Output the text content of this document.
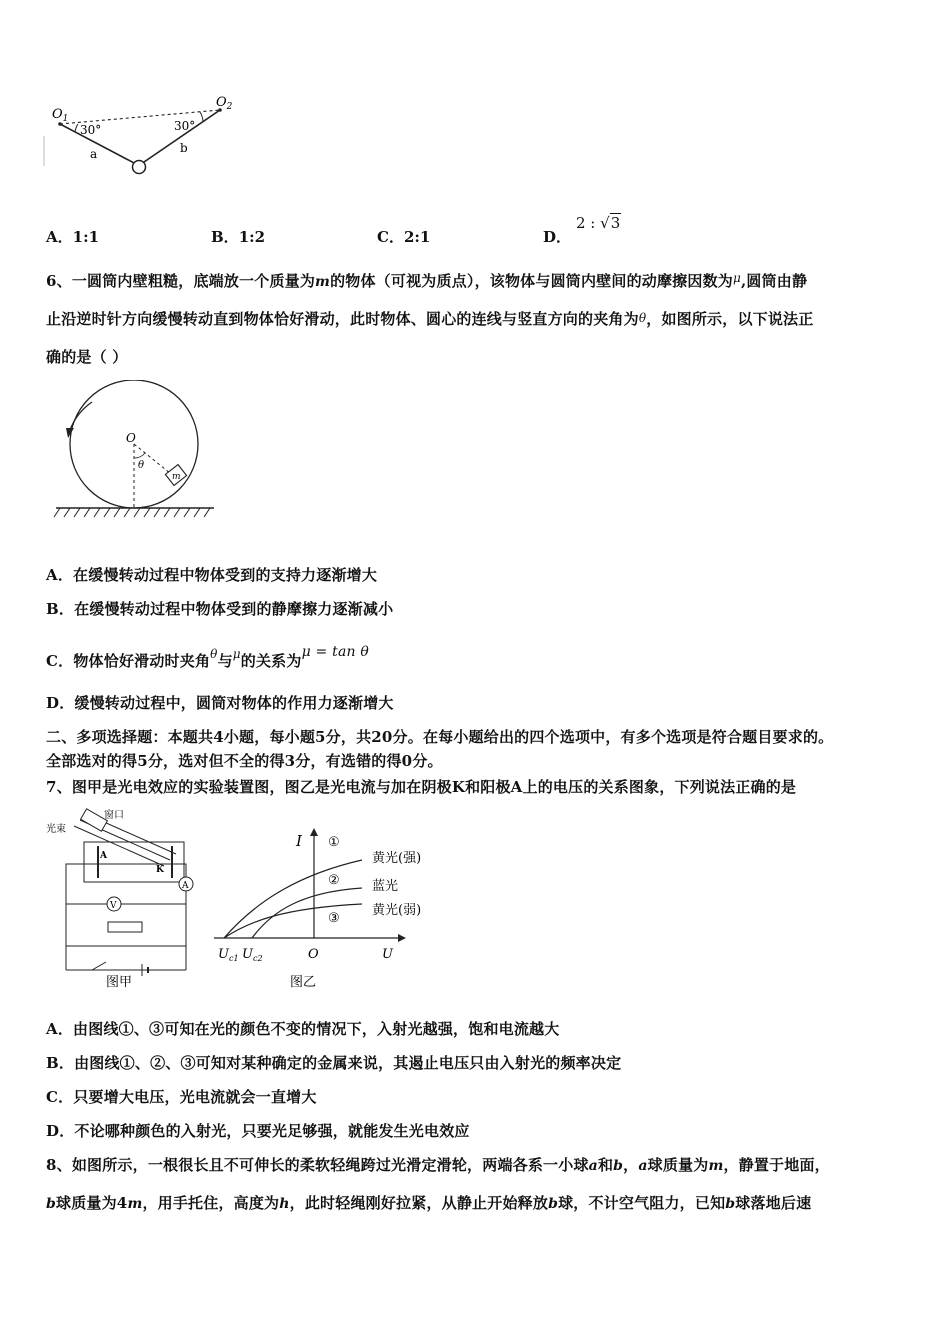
$O_1$
$O_2$
30°	30°
a	b
A．1:1	B．1:2	C．2:1	D．
2 : √3
6、一圆筒内壁粗糙，底端放一个质量为m的物体（可视为质点），该物体与圆筒内壁间的动摩擦因数为$^\mu$,圆筒由静
止沿逆时针方向缓慢转动直到物体恰好滑动，此时物体、圆心的连线与竖直方向的夹角为θ，如图所示，以下说法正
确的是（ ）
O
θ
m
A．在缓慢转动过程中物体受到的支持力逐渐增大
B．在缓慢转动过程中物体受到的静摩擦力逐渐减小
C．物体恰好滑动时夹角$^\theta$与$^\mu$的关系为μ = tan θ
D．缓慢转动过程中，圆筒对物体的作用力逐渐增大
二、多项选择题：本题共4小题，每小题5分，共20分。在每小题给出的四个选项中，有多个选项是符合题目要求的。
全部选对的得5分，选对但不全的得3分，有选错的得0分。
7、图甲是光电效应的实验装置图，图乙是光电流与加在阴极K和阳极A上的电压的关系图象，下列说法正确的是
V
A
A
K
窗口
光束
图甲
I
U
O
$U_{c1}$ $U_{c2}$
①
②
③
黄光(强)
蓝光
黄光(弱)
图乙
A．由图线①、③可知在光的颜色不变的情况下，入射光越强，饱和电流越大
B．由图线①、②、③可知对某种确定的金属来说，其遏止电压只由入射光的频率决定
C．只要增大电压，光电流就会一直增大
D．不论哪种颜色的入射光，只要光足够强，就能发生光电效应
8、如图所示，一根很长且不可伸长的柔软轻绳跨过光滑定滑轮，两端各系一小球a和b，a球质量为m，静置于地面，
b球质量为4m，用手托住，高度为h，此时轻绳刚好拉紧，从静止开始释放b球，不计空气阻力，已知b球落地后速
